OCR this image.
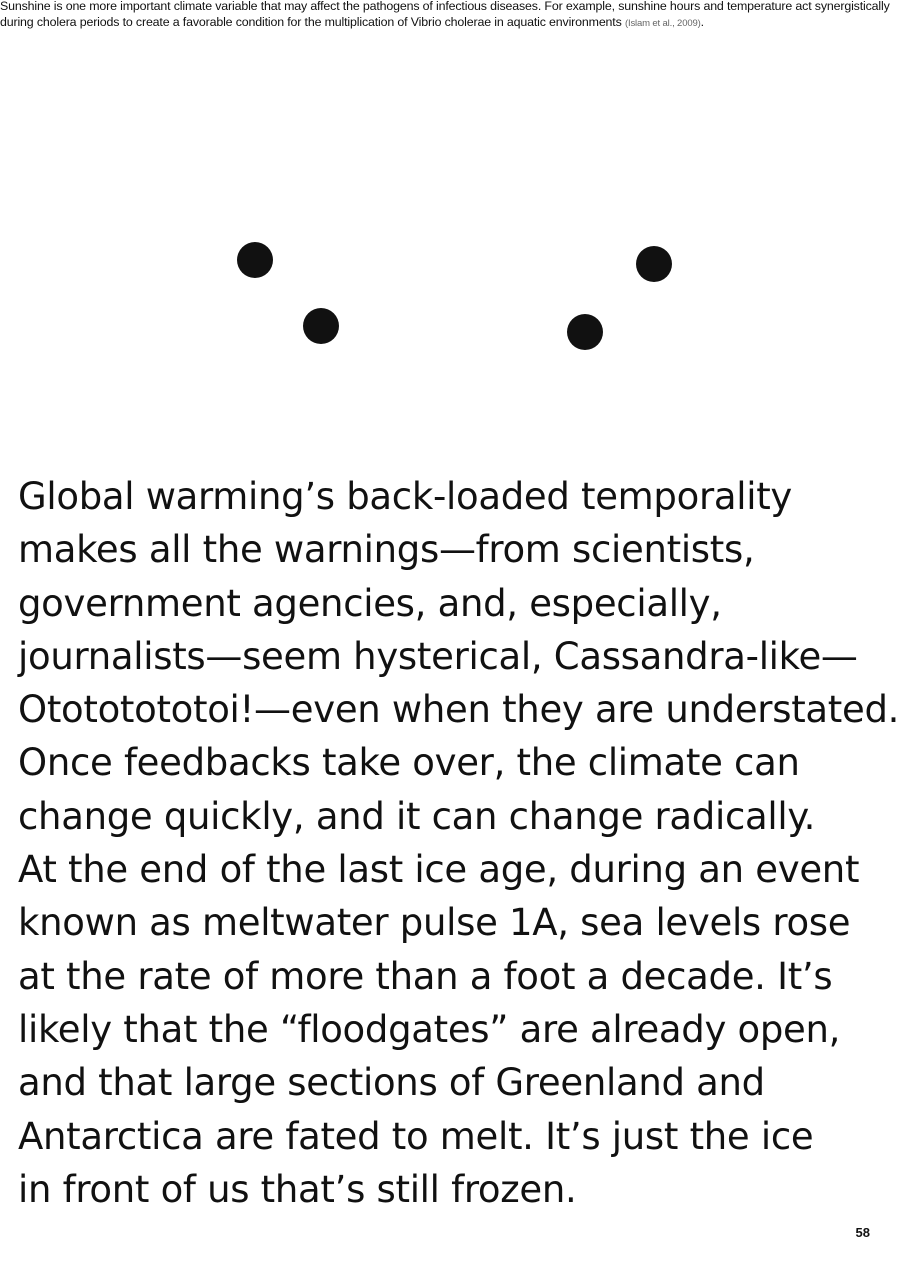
Sunshine is one more important climate variable that may affect the pathogens of infectious diseases. For example, sunshine hours and temperature act synergistically during cholera periods to create a favorable condition for the multiplication of Vibrio cholerae in aquatic environments (Islam et al., 2009).

Global warming’s back-loaded temporality
makes all the warnings—from scientists,
government agencies, and, especially,
journalists—seem hysterical, Cassandra-like—
Otototototoi!—even when they are understated.
Once feedbacks take over, the climate can
change quickly, and it can change radically.
At the end of the last ice age, during an event
known as meltwater pulse 1A, sea levels rose
at the rate of more than a foot a decade. It’s
likely that the “floodgates” are already open,
and that large sections of Greenland and
Antarctica are fated to melt. It’s just the ice
in front of us that’s still frozen.

58
